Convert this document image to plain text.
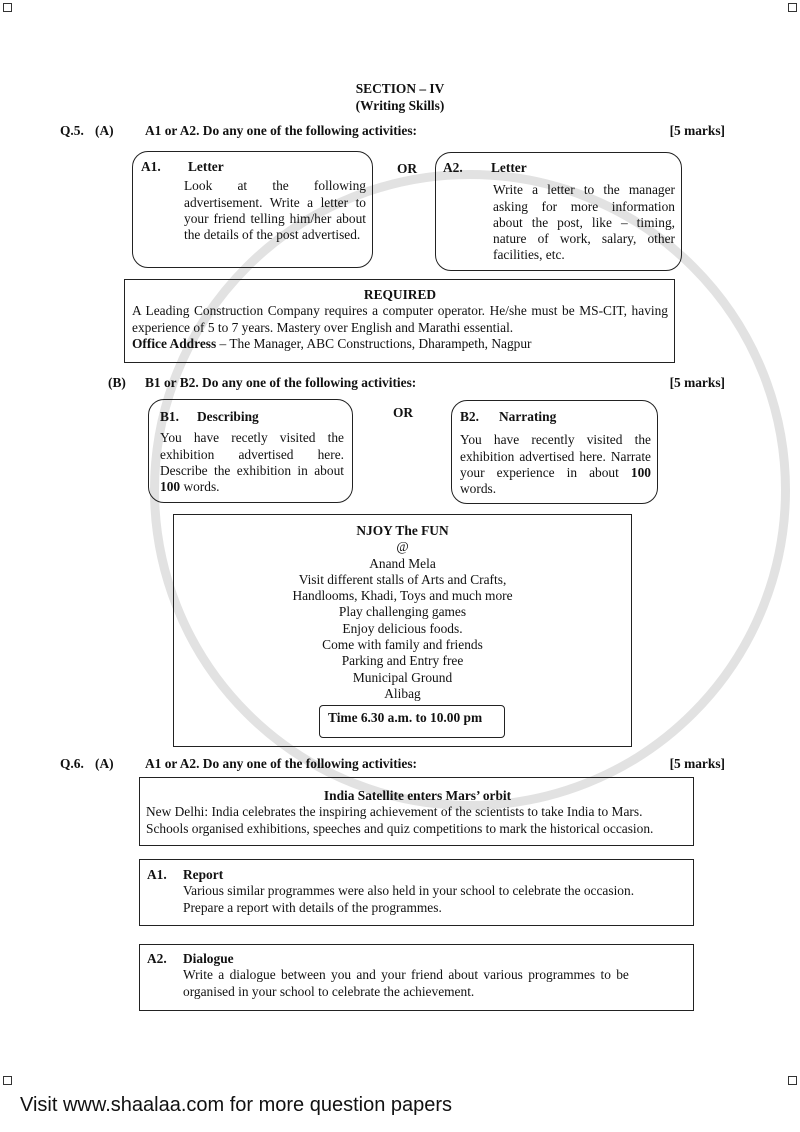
SECTION – IV
(Writing Skills)
Q.5. (A) A1 or A2. Do any one of the following activities:	[5 marks]
A1.	Letter
Look at the following advertisement. Write a letter to your friend telling him/her about the details of the post advertised.
OR A2.	Letter
Write a letter to the manager asking for more information about the post, like – timing, nature of work, salary, other facilities, etc.
REQUIRED
A Leading Construction Company requires a computer operator. He/she must be MS-CIT, having experience of 5 to 7 years. Mastery over English and Marathi essential.
Office Address – The Manager, ABC Constructions, Dharampeth, Nagpur
(B) B1 or B2. Do any one of the following activities:	[5 marks]
B1.	Describing
You have recetly visited the exhibition advertised here. Describe the exhibition in about 100 words.
OR	B2.	Narrating
You have recently visited the exhibition advertised here. Narrate your experience in about 100 words.
NJOY The FUN
@
Anand Mela
Visit different stalls of Arts and Crafts,
Handlooms, Khadi, Toys and much more
Play challenging games
Enjoy delicious foods.
Come with family and friends
Parking and Entry free
Municipal Ground
Alibag
Time 6.30 a.m. to 10.00 pm
Q.6. (A) A1 or A2. Do any one of the following activities:	[5 marks]
India Satellite enters Mars’ orbit
New Delhi: India celebrates the inspiring achievement of the scientists to take India to Mars.
Schools organised exhibitions, speeches and quiz competitions to mark the historical occasion.
A1.	Report
Various similar programmes were also held in your school to celebrate the occasion.
Prepare a report with details of the programmes.
A2.	Dialogue
Write a dialogue between you and your friend about various programmes to be
organised in your school to celebrate the achievement.
Visit www.shaalaa.com for more question papers
